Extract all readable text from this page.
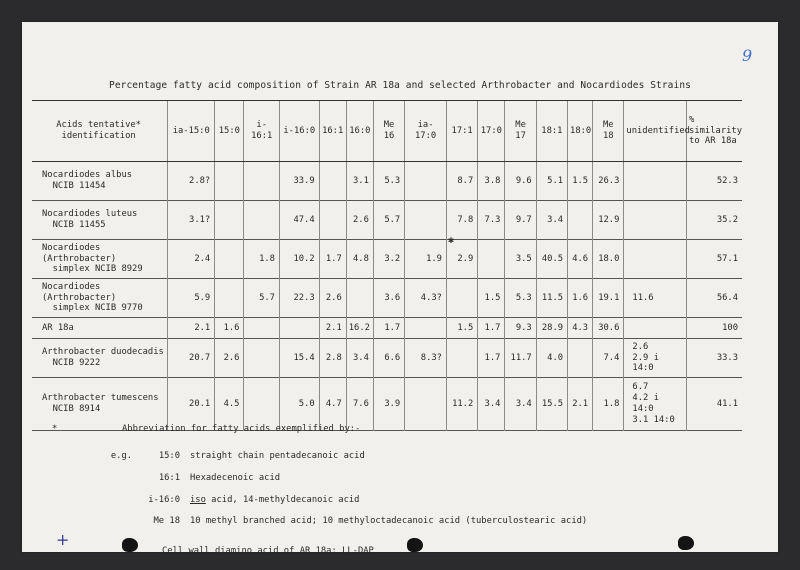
9
Percentage fatty acid composition of Strain AR 18a and selected Arthrobacter and Nocardiodes Strains
Acids tentative*
identification	ia-15:0	15:0	i-16:1	i-16:0	16:1	16:0	Me 16	ia-17:0	17:1	17:0	Me 17	18:1	18:0	Me 18	unidentified	%
similarity
to AR 18a
Nocardiodes albus
NCIB 11454	2.8?			33.9		3.1	5.3		8.7	3.8	9.6	5.1	1.5	26.3		52.3
Nocardiodes luteus
NCIB 11455	3.1?			47.4		2.6	5.7		7.8	7.3	9.7	3.4		12.9		35.2
Nocardiodes (Arthrobacter)
simplex NCIB 8929	2.4		1.8	10.2	1.7	4.8	3.2	1.9	2.9		3.5	40.5	4.6	18.0		57.1
Nocardiodes (Arthrobacter)
simplex NCIB 9770	5.9		5.7	22.3	2.6		3.6	4.3?		1.5	5.3	11.5	1.6	19.1	11.6	56.4
AR 18a	2.1	1.6			2.1	16.2	1.7		1.5	1.7	9.3	28.9	4.3	30.6		100
Arthrobacter duodecadis
NCIB 9222	20.7	2.6		15.4	2.8	3.4	6.6	8.3?		1.7	11.7	4.0		7.4	2.6
2.9 i 14:0	33.3
Arthrobacter tumescens
NCIB 8914	20.1	4.5		5.0	4.7	7.6	3.9		11.2	3.4	3.4	15.5	2.1	1.8	6.7
4.2 i 14:0
3.1 14:0	41.1
✱
*	Abbreviation for fatty acids exemplified by:-
e.g.	15:0 straight chain pentadecanoic acid
16:1 Hexadecenoic acid
i-16:0 iso acid, 14-methyldecanoic acid
Me 18 10 methyl branched acid; 10 methyloctadecanoic acid (tuberculostearic acid)
Cell wall diamino acid of AR 18a: LL-DAP
+
